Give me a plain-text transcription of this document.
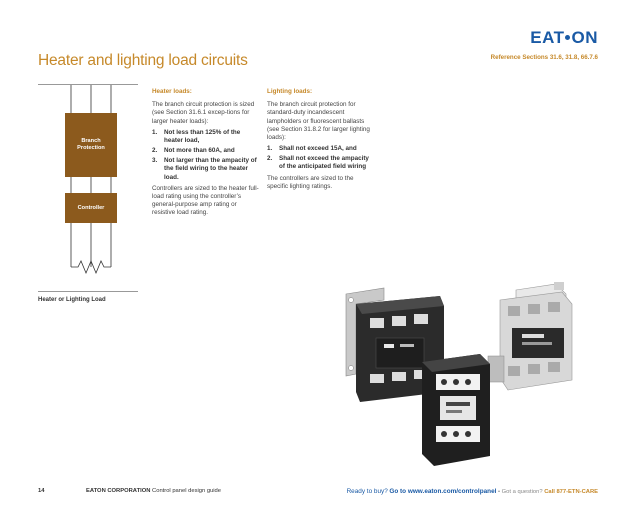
EAT ON
Heater and lighting load circuits	Reference Sections 31.6, 31.8, 66.7.6
Branch
Protection
Controller
Heater or Lighting Load
Heater loads:

The branch circuit protection is sized (see Section 31.6.1 excep-tions for larger heater loads):

1.	Not less than 125% of the heater load,
2.	Not more than 60A, and
3.	Not larger than the ampacity of the field wiring to the heater load.

Controllers are sized to the heater full-load rating using the controller’s general-purpose amp rating or resistive load rating.

Lighting loads:

The branch circuit protection for standard-duty incandescent lampholders or fluorescent ballasts (see Section 31.8.2 for larger lighting loads):

1.	Shall not exceed 15A, and
2.	Shall not exceed the ampacity of the anticipated field wiring

The controllers are sized to the specific lighting ratings.

14	EATON CORPORATION Control panel design guide	Ready to buy? Go to www.eaton.com/controlpanel • Got a question? Call 877-ETN-CARE
